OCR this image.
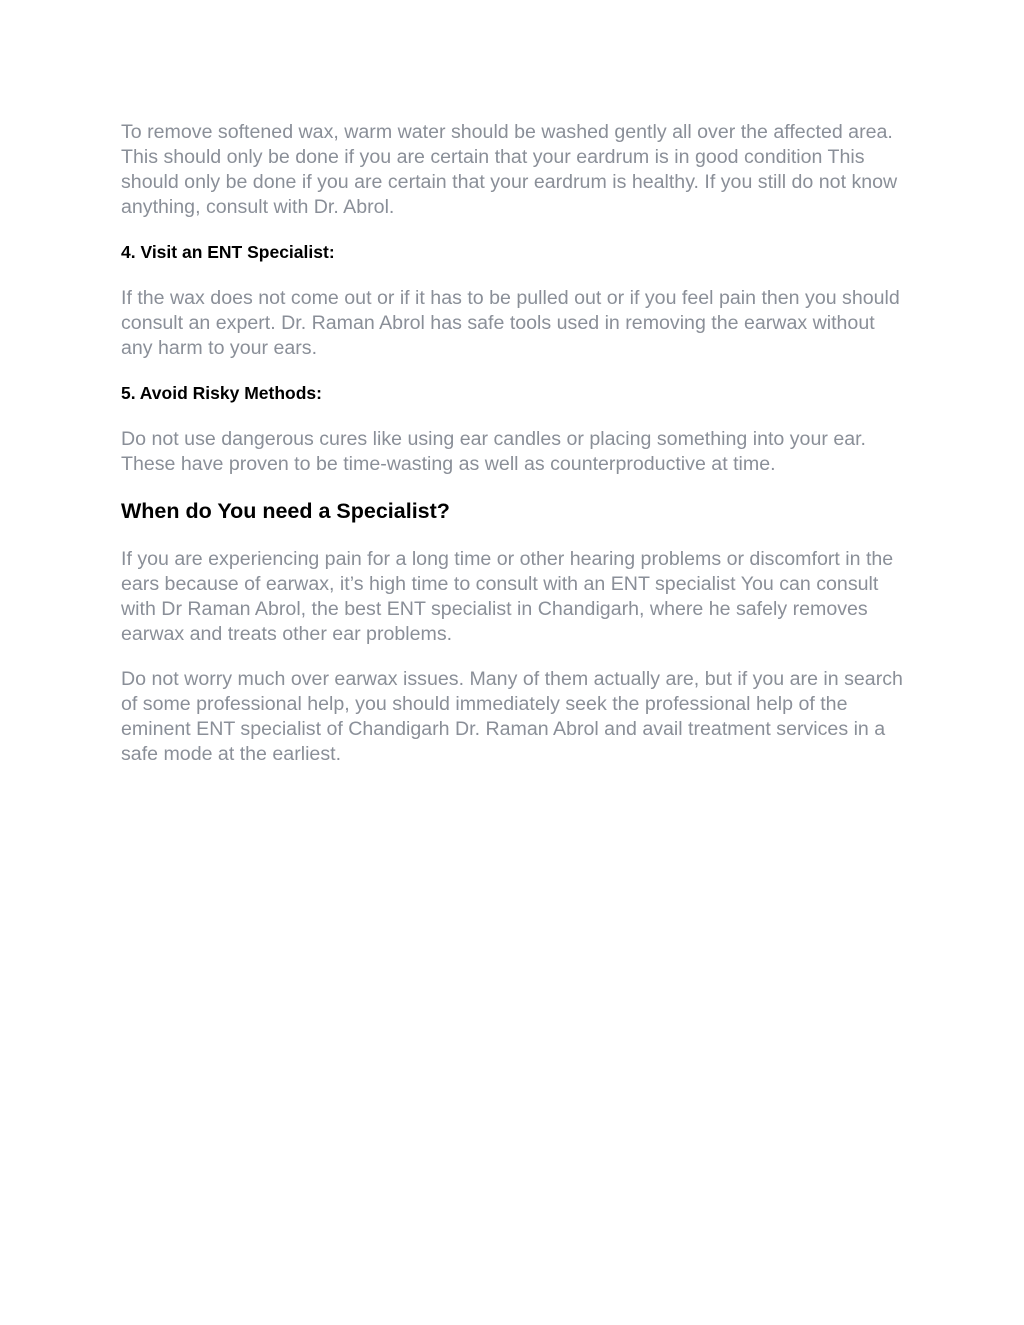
To remove softened wax, warm water should be washed gently all over the affected area. This should only be done if you are certain that your eardrum is in good condition This should only be done if you are certain that your eardrum is healthy. If you still do not know anything, consult with Dr. Abrol.

4. Visit an ENT Specialist:

If the wax does not come out or if it has to be pulled out or if you feel pain then you should consult an expert. Dr. Raman Abrol has safe tools used in removing the earwax without any harm to your ears.

5. Avoid Risky Methods:

Do not use dangerous cures like using ear candles or placing something into your ear. These have proven to be time-wasting as well as counterproductive at time.

When do You need a Specialist?

If you are experiencing pain for a long time or other hearing problems or discomfort in the ears because of earwax, it’s high time to consult with an ENT specialist You can consult with Dr Raman Abrol, the best ENT specialist in Chandigarh, where he safely removes earwax and treats other ear problems.

Do not worry much over earwax issues. Many of them actually are, but if you are in search of some professional help, you should immediately seek the professional help of the eminent ENT specialist of Chandigarh Dr. Raman Abrol and avail treatment services in a safe mode at the earliest.
